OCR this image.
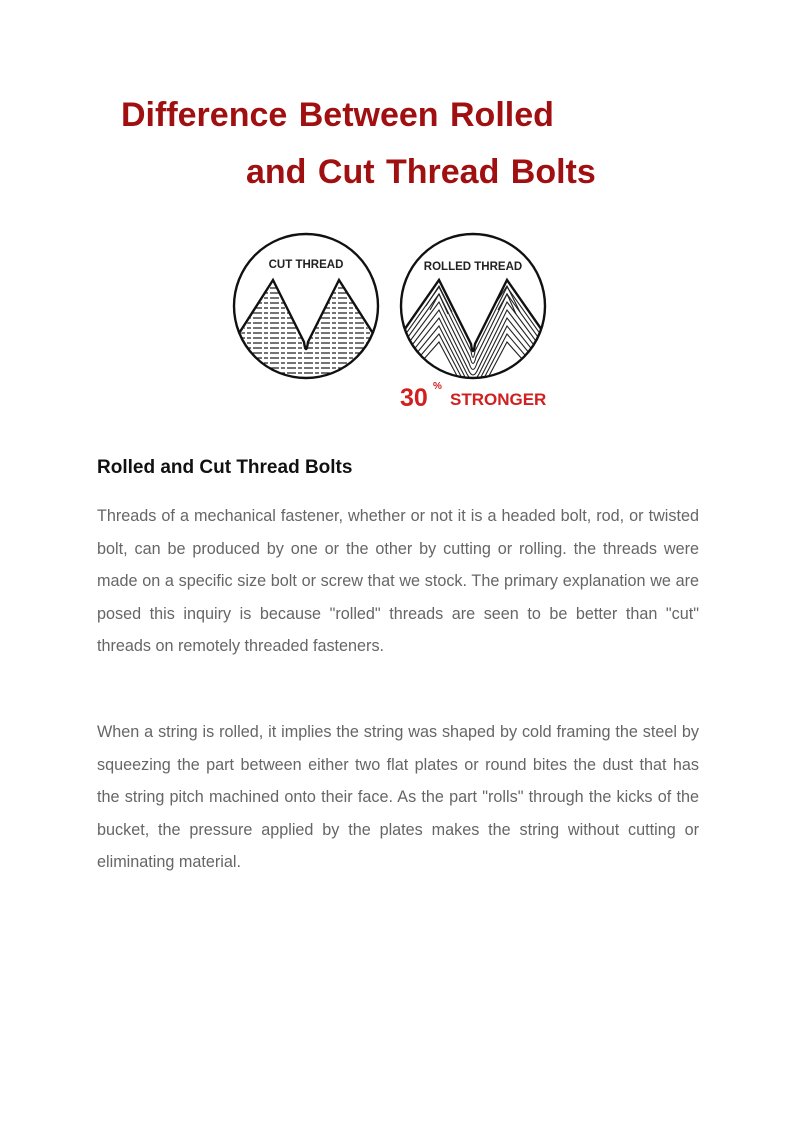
Difference Between Rolled
and Cut Thread Bolts
CUT THREAD	ROLLED THREAD
30 %
STRONGER
Rolled and Cut Thread Bolts

Threads of a mechanical fastener, whether or not it is a headed bolt, rod, or twisted bolt, can be produced by one or the other by cutting or rolling. the threads were made on a specific size bolt or screw that we stock. The primary explanation we are posed this inquiry is because "rolled" threads are seen to be better than "cut" threads on remotely threaded fasteners.

When a string is rolled, it implies the string was shaped by cold framing the steel by squeezing the part between either two flat plates or round bites the dust that has the string pitch machined onto their face. As the part "rolls" through the kicks of the bucket, the pressure applied by the plates makes the string without cutting or eliminating material.
